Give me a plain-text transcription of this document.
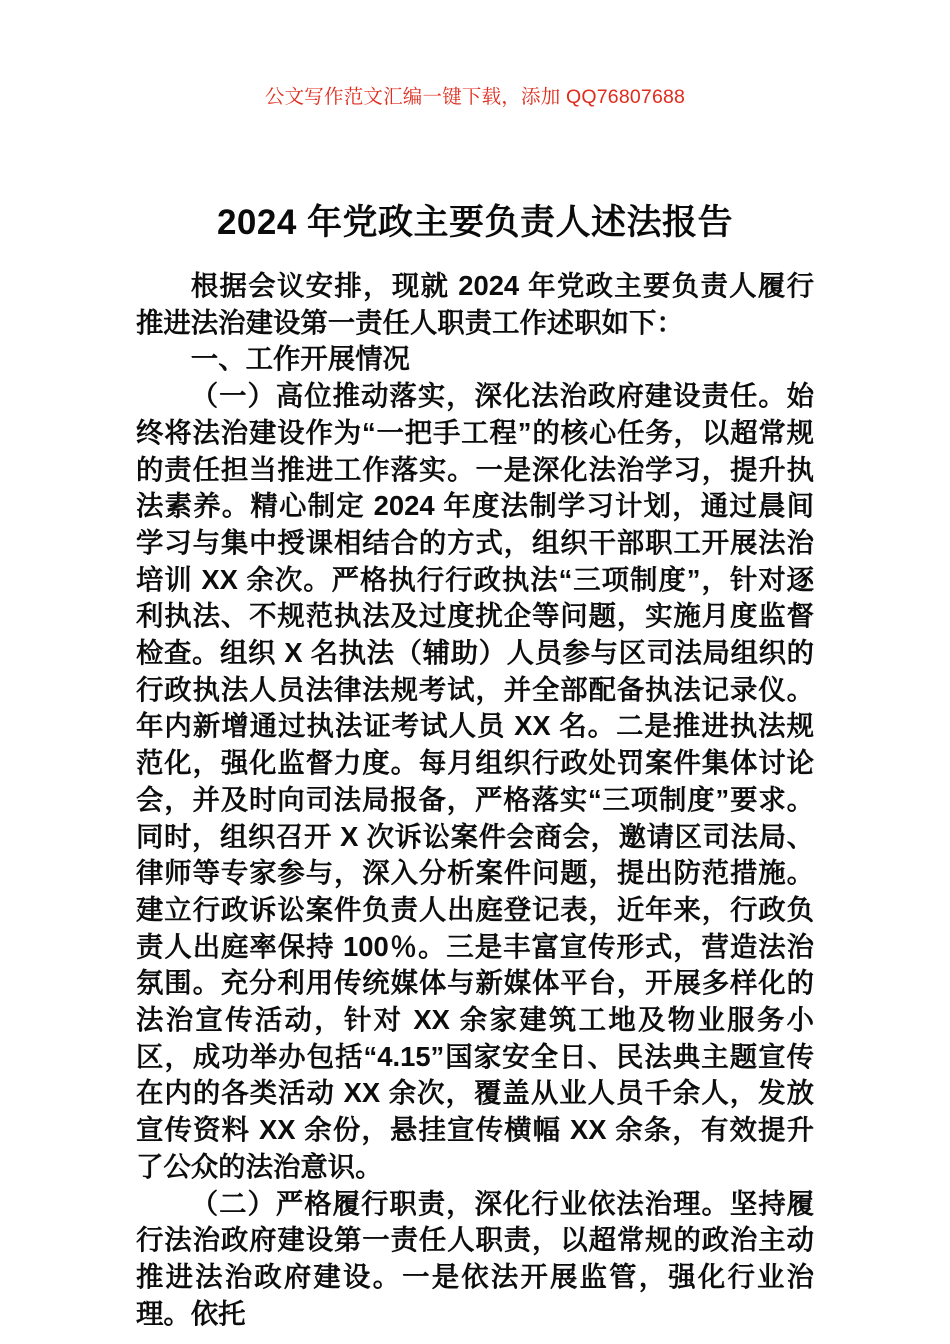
公文写作范文汇编一键下载，添加 QQ76807688
2024 年党政主要负责人述法报告

根据会议安排，现就 2024 年党政主要负责人履行推进法治建设第一责任人职责工作述职如下：

一、工作开展情况

（一）高位推动落实，深化法治政府建设责任。始终将法治建设作为“一把手工程”的核心任务，以超常规的责任担当推进工作落实。一是深化法治学习，提升执法素养。精心制定 2024 年度法制学习计划，通过晨间学习与集中授课相结合的方式，组织干部职工开展法治培训 XX 余次。严格执行行政执法“三项制度”，针对逐利执法、不规范执法及过度扰企等问题，实施月度监督检查。组织 X 名执法（辅助）人员参与区司法局组织的行政执法人员法律法规考试，并全部配备执法记录仪。年内新增通过执法证考试人员 XX 名。二是推进执法规范化，强化监督力度。每月组织行政处罚案件集体讨论会，并及时向司法局报备，严格落实“三项制度”要求。同时，组织召开 X 次诉讼案件会商会，邀请区司法局、律师等专家参与，深入分析案件问题，提出防范措施。建立行政诉讼案件负责人出庭登记表，近年来，行政负责人出庭率保持 100％。三是丰富宣传形式，营造法治氛围。充分利用传统媒体与新媒体平台，开展多样化的法治宣传活动，针对 XX 余家建筑工地及物业服务小区，成功举办包括“4.15”国家安全日、民法典主题宣传在内的各类活动 XX 余次，覆盖从业人员千余人，发放宣传资料 XX 余份，悬挂宣传横幅 XX 余条，有效提升了公众的法治意识。

（二）严格履行职责，深化行业依法治理。坚持履行法治政府建设第一责任人职责，以超常规的政治主动推进法治政府建设。一是依法开展监管，强化行业治理。依托
